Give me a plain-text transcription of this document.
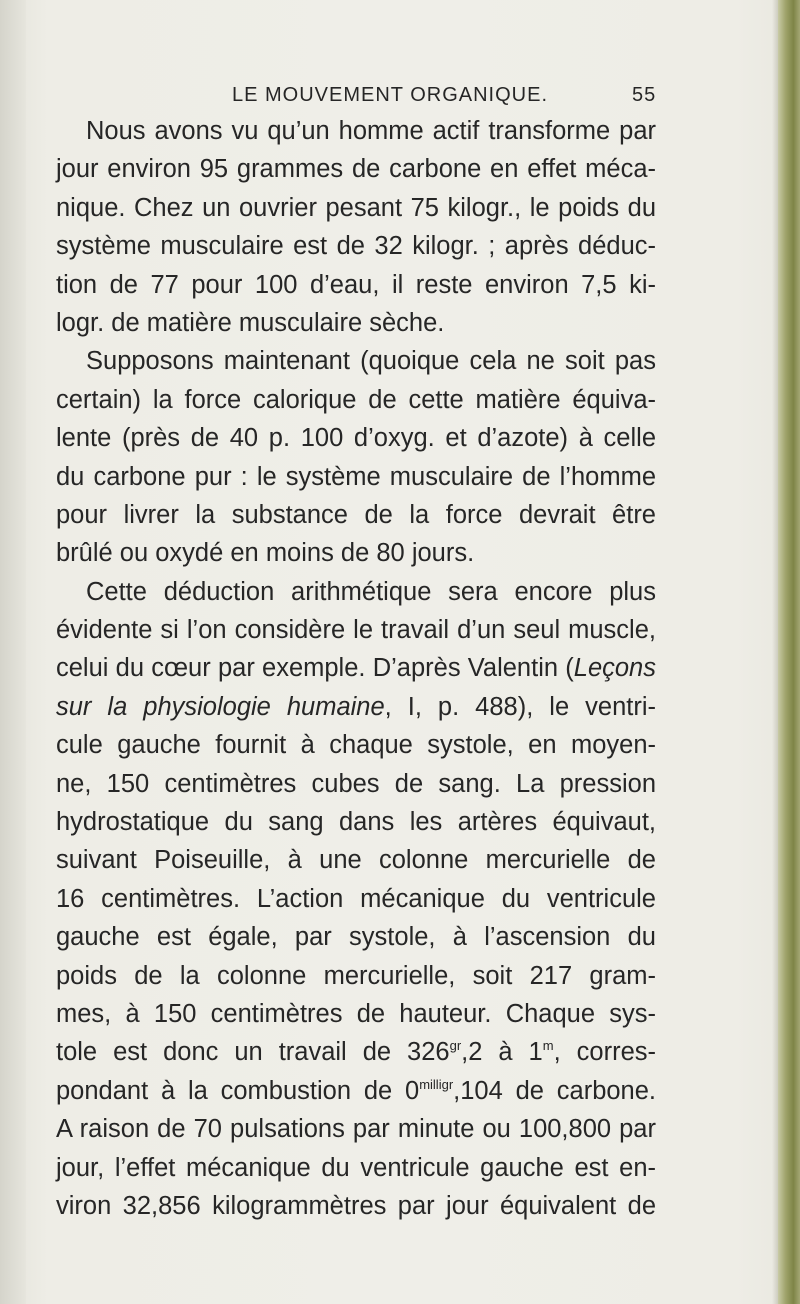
LE MOUVEMENT ORGANIQUE.	55
Nous avons vu qu’un homme actif transforme par
jour environ 95 grammes de carbone en effet méca-
nique. Chez un ouvrier pesant 75 kilogr., le poids du
système musculaire est de 32 kilogr. ; après déduc-
tion de 77 pour 100 d’eau, il reste environ 7,5 ki-
logr. de matière musculaire sèche.
Supposons maintenant (quoique cela ne soit pas
certain) la force calorique de cette matière équiva-
lente (près de 40 p. 100 d’oxyg. et d’azote) à celle
du carbone pur : le système musculaire de l’homme
pour livrer la substance de la force devrait être
brûlé ou oxydé en moins de 80 jours.
Cette déduction arithmétique sera encore plus
évidente si l’on considère le travail d’un seul muscle,
celui du cœur par exemple. D’après Valentin (Leçons
sur la physiologie humaine, I, p. 488), le ventri-
cule gauche fournit à chaque systole, en moyen-
ne, 150 centimètres cubes de sang. La pression
hydrostatique du sang dans les artères équivaut,
suivant Poiseuille, à une colonne mercurielle de
16 centimètres. L’action mécanique du ventricule
gauche est égale, par systole, à l’ascension du
poids de la colonne mercurielle, soit 217 gram-
mes, à 150 centimètres de hauteur. Chaque sys-
tole est donc un travail de $326^{gr},2$ à 1$^m$, corres-
pondant à la combustion de $0^{milligr},104$ de carbone.
A raison de 70 pulsations par minute ou 100,800 par
jour, l’effet mécanique du ventricule gauche est en-
viron 32,856 kilogrammètres par jour équivalent de
